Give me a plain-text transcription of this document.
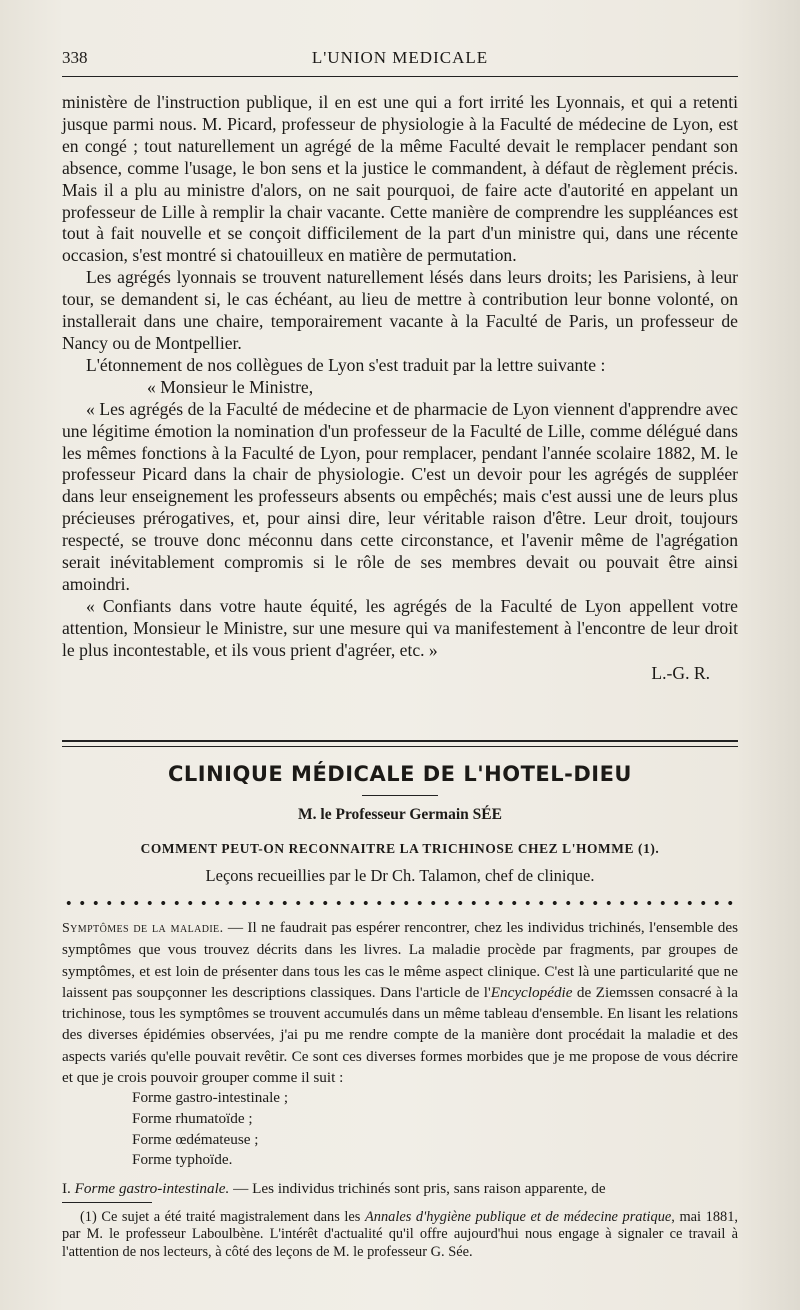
338	L'UNION MEDICALE

ministère de l'instruction publique, il en est une qui a fort irrité les Lyonnais, et qui a retenti jusque parmi nous. M. Picard, professeur de physiologie à la Faculté de médecine de Lyon, est en congé ; tout naturellement un agrégé de la même Faculté devait le remplacer pendant son absence, comme l'usage, le bon sens et la justice le commandent, à défaut de règlement précis. Mais il a plu au ministre d'alors, on ne sait pourquoi, de faire acte d'autorité en appelant un professeur de Lille à remplir la chair vacante. Cette manière de comprendre les suppléances est tout à fait nouvelle et se conçoit difficilement de la part d'un ministre qui, dans une récente occasion, s'est montré si chatouilleux en matière de permutation.

Les agrégés lyonnais se trouvent naturellement lésés dans leurs droits; les Parisiens, à leur tour, se demandent si, le cas échéant, au lieu de mettre à contribution leur bonne volonté, on installerait dans une chaire, temporairement vacante à la Faculté de Paris, un professeur de Nancy ou de Montpellier.

L'étonnement de nos collègues de Lyon s'est traduit par la lettre suivante :

« Monsieur le Ministre,

« Les agrégés de la Faculté de médecine et de pharmacie de Lyon viennent d'apprendre avec une légitime émotion la nomination d'un professeur de la Faculté de Lille, comme délégué dans les mêmes fonctions à la Faculté de Lyon, pour remplacer, pendant l'année scolaire 1882, M. le professeur Picard dans la chair de physiologie. C'est un devoir pour les agrégés de suppléer dans leur enseignement les professeurs absents ou empêchés; mais c'est aussi une de leurs plus précieuses prérogatives, et, pour ainsi dire, leur véritable raison d'être. Leur droit, toujours respecté, se trouve donc méconnu dans cette circonstance, et l'avenir même de l'agrégation serait inévitablement compromis si le rôle de ses membres devait ou pouvait être ainsi amoindri.

« Confiants dans votre haute équité, les agrégés de la Faculté de Lyon appellent votre attention, Monsieur le Ministre, sur une mesure qui va manifestement à l'encontre de leur droit le plus incontestable, et ils vous prient d'agréer, etc. »

L.-G. R.
CLINIQUE MÉDICALE DE L'HOTEL-DIEU
M. le Professeur Germain SÉE
COMMENT PEUT-ON RECONNAITRE LA TRICHINOSE CHEZ L'HOMME (1).
Leçons recueillies par le Dr Ch. Talamon, chef de clinique.

Symptômes de la maladie. — Il ne faudrait pas espérer rencontrer, chez les individus trichinés, l'ensemble des symptômes que vous trouvez décrits dans les livres. La maladie procède par fragments, par groupes de symptômes, et est loin de présenter dans tous les cas le même aspect clinique. C'est là une particularité que ne laissent pas soupçonner les descriptions classiques. Dans l'article de l'Encyclopédie de Ziemssen consacré à la trichinose, tous les symptômes se trouvent accumulés dans un même tableau d'ensemble. En lisant les relations des diverses épidémies observées, j'ai pu me rendre compte de la manière dont procédait la maladie et des aspects variés qu'elle pouvait revêtir. Ce sont ces diverses formes morbides que je me propose de vous décrire et que je crois pouvoir grouper comme il suit :

Forme gastro-intestinale ;
Forme rhumatoïde ;
Forme œdémateuse ;
Forme typhoïde.

I. Forme gastro-intestinale. — Les individus trichinés sont pris, sans raison apparente, de

(1) Ce sujet a été traité magistralement dans les Annales d'hygiène publique et de médecine pratique, mai 1881, par M. le professeur Laboulbène. L'intérêt d'actualité qu'il offre aujourd'hui nous engage à signaler ce travail à l'attention de nos lecteurs, à côté des leçons de M. le professeur G. Sée.
